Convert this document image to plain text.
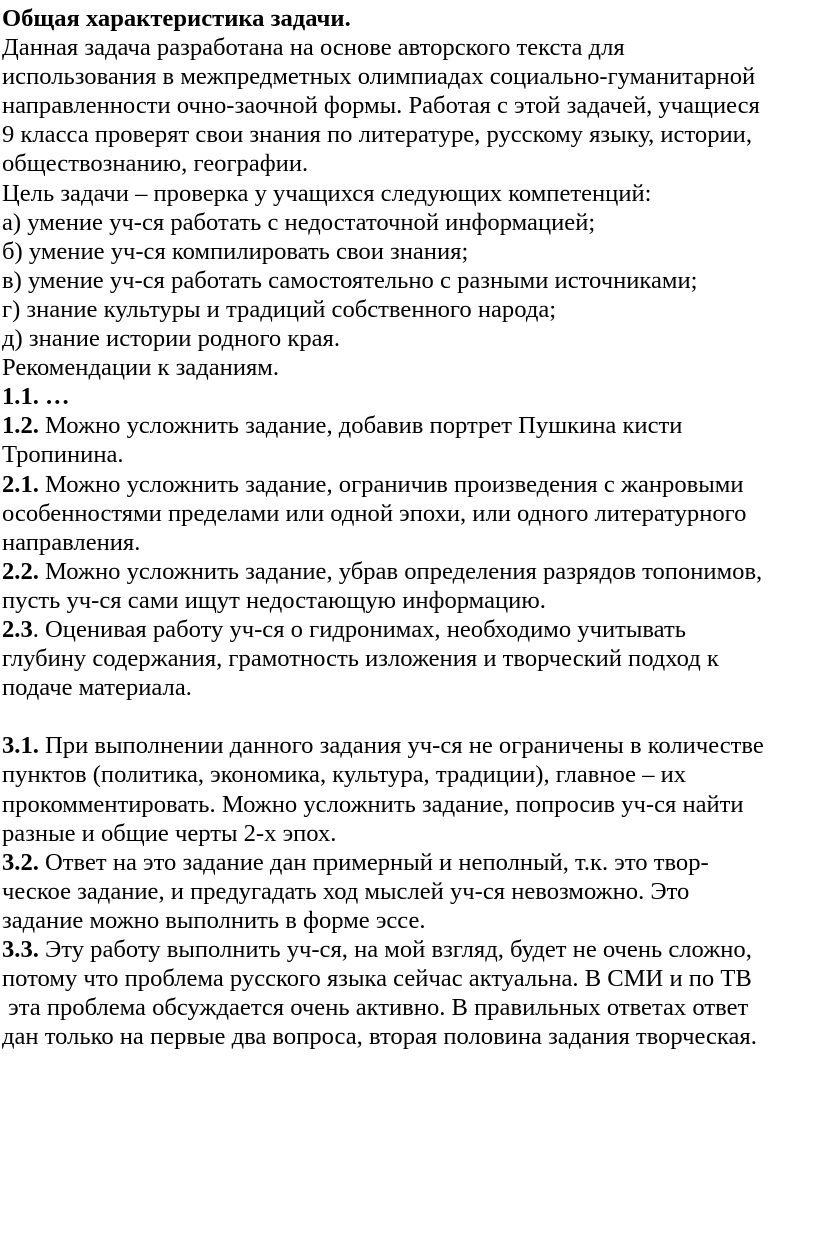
Общая характеристика задачи.
Данная задача разработана на основе авторского текста для
использования в межпредметных олимпиадах социально-гуманитарной
направленности очно-заочной формы. Работая с этой задачей, учащиеся
9 класса проверят свои знания по литературе, русскому языку, истории,
обществознанию, географии.
Цель задачи – проверка у учащихся следующих компетенций:
а) умение уч-ся работать с недостаточной информацией;
б) умение уч-ся компилировать свои знания;
в) умение уч-ся работать самостоятельно с разными источниками;
г) знание культуры и традиций собственного народа;
д) знание истории родного края.
Рекомендации к заданиям.
1.1. …
1.2. Можно усложнить задание, добавив портрет Пушкина кисти
Тропинина.
2.1. Можно усложнить задание, ограничив произведения с жанровыми
особенностями пределами или одной эпохи, или одного литературного
направления.
2.2. Можно усложнить задание, убрав определения разрядов топонимов,
пусть уч-ся сами ищут недостающую информацию.
2.3. Оценивая работу уч-ся о гидронимах, необходимо учитывать
глубину содержания, грамотность изложения и творческий подход к
подаче материала.
3.1. При выполнении данного задания уч-ся не ограничены в количестве
пунктов (политика, экономика, культура, традиции), главное – их
прокомментировать. Можно усложнить задание, попросив уч-ся найти
разные и общие черты 2-х эпох.
3.2. Ответ на это задание дан примерный и неполный, т.к. это твор-
ческое задание, и предугадать ход мыслей уч-ся невозможно. Это
задание можно выполнить в форме эссе.
3.3. Эту работу выполнить уч-ся, на мой взгляд, будет не очень сложно,
потому что проблема русского языка сейчас актуальна. В СМИ и по ТВ
эта проблема обсуждается очень активно. В правильных ответах ответ
дан только на первые два вопроса, вторая половина задания творческая.
